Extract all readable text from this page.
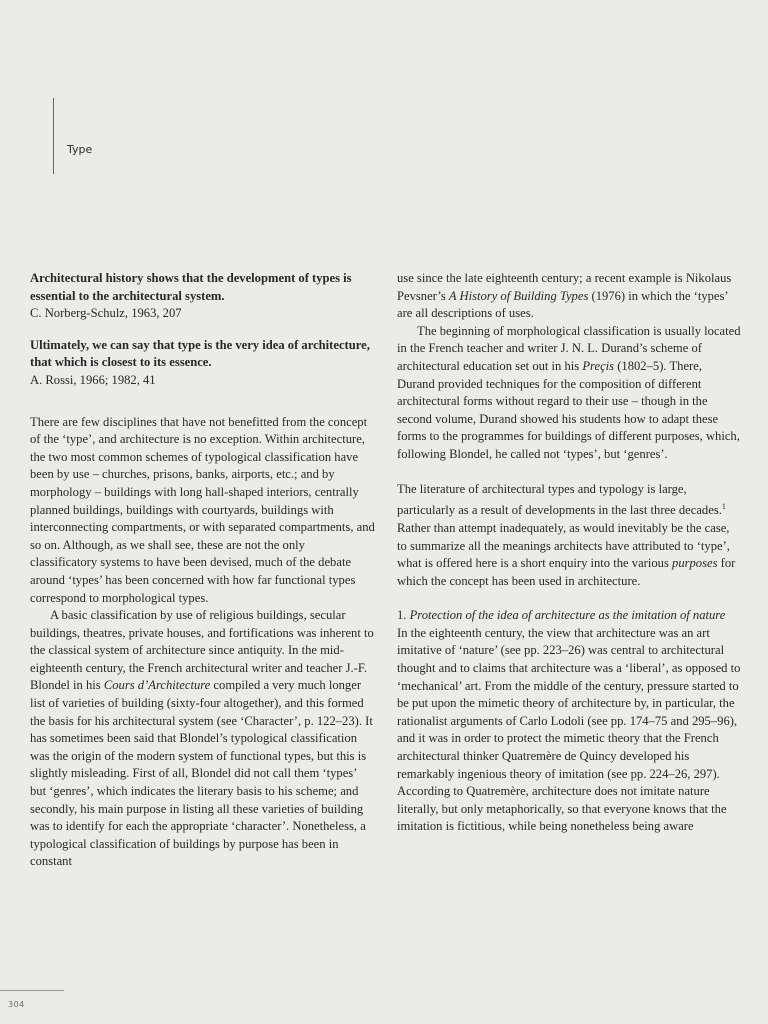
Type
Architectural history shows that the development of types is essential to the architectural system.
C. Norberg-Schulz, 1963, 207
Ultimately, we can say that type is the very idea of architecture, that which is closest to its essence.
A. Rossi, 1966; 1982, 41

There are few disciplines that have not benefitted from the concept of the ‘type’, and architecture is no exception. Within architecture, the two most common schemes of typological classification have been by use – churches, prisons, banks, airports, etc.; and by morphology – buildings with long hall-shaped interiors, centrally planned buildings, buildings with courtyards, buildings with interconnecting compartments, or with separated compartments, and so on. Although, as we shall see, these are not the only classificatory systems to have been devised, much of the debate around ‘types’ has been concerned with how far functional types correspond to morphological types.

A basic classification by use of religious buildings, secular buildings, theatres, private houses, and fortifications was inherent to the classical system of architecture since antiquity. In the mid-eighteenth century, the French architectural writer and teacher J.-F. Blondel in his Cours d’Architecture compiled a very much longer list of varieties of building (sixty-four altogether), and this formed the basis for his architectural system (see ‘Character’, p. 122–23). It has sometimes been said that Blondel’s typological classification was the origin of the modern system of functional types, but this is slightly misleading. First of all, Blondel did not call them ‘types’ but ‘genres’, which indicates the literary basis to his scheme; and secondly, his main purpose in listing all these varieties of building was to identify for each the appropriate ‘character’. Nonetheless, a typological classification of buildings by purpose has been in constant

use since the late eighteenth century; a recent example is Nikolaus Pevsner’s A History of Building Types (1976) in which the ‘types’ are all descriptions of uses.

The beginning of morphological classification is usually located in the French teacher and writer J. N. L. Durand’s scheme of architectural education set out in his Preçis (1802–5). There, Durand provided techniques for the composition of different architectural forms without regard to their use – though in the second volume, Durand showed his students how to adapt these forms to the programmes for buildings of different purposes, which, following Blondel, he called not ‘types’, but ‘genres’.

The literature of architectural types and typology is large, particularly as a result of developments in the last three decades.$^1$ Rather than attempt inadequately, as would inevitably be the case, to summarize all the meanings architects have attributed to ‘type’, what is offered here is a short enquiry into the various purposes for which the concept has been used in architecture.

1. Protection of the idea of architecture as the imitation of nature

In the eighteenth century, the view that architecture was an art imitative of ‘nature’ (see pp. 223–26) was central to architectural thought and to claims that architecture was a ‘liberal’, as opposed to ‘mechanical’ art. From the middle of the century, pressure started to be put upon the mimetic theory of architecture by, in particular, the rationalist arguments of Carlo Lodoli (see pp. 174–75 and 295–96), and it was in order to protect the mimetic theory that the French architectural thinker Quatremère de Quincy developed his remarkably ingenious theory of imitation (see pp. 224–26, 297). According to Quatremère, architecture does not imitate nature literally, but only metaphorically, so that everyone knows that the imitation is fictitious, while being nonetheless being aware

304
